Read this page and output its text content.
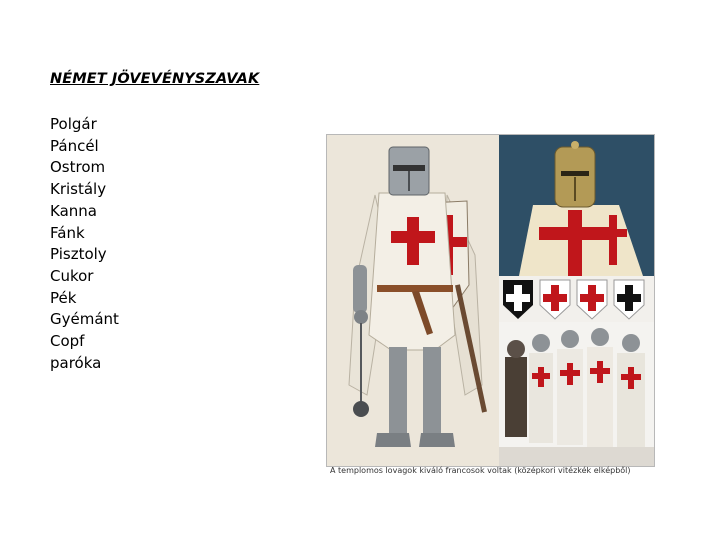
NÉMET JÖVEVÉNYSZAVAK
Polgár
Páncél
Ostrom
Kristály
Kanna
Fánk
Pisztoly
Cukor
Pék
Gyémánt
Copf
paróka
A templomos lovagok kiváló francosok voltak (középkori vitézkék elképből)
